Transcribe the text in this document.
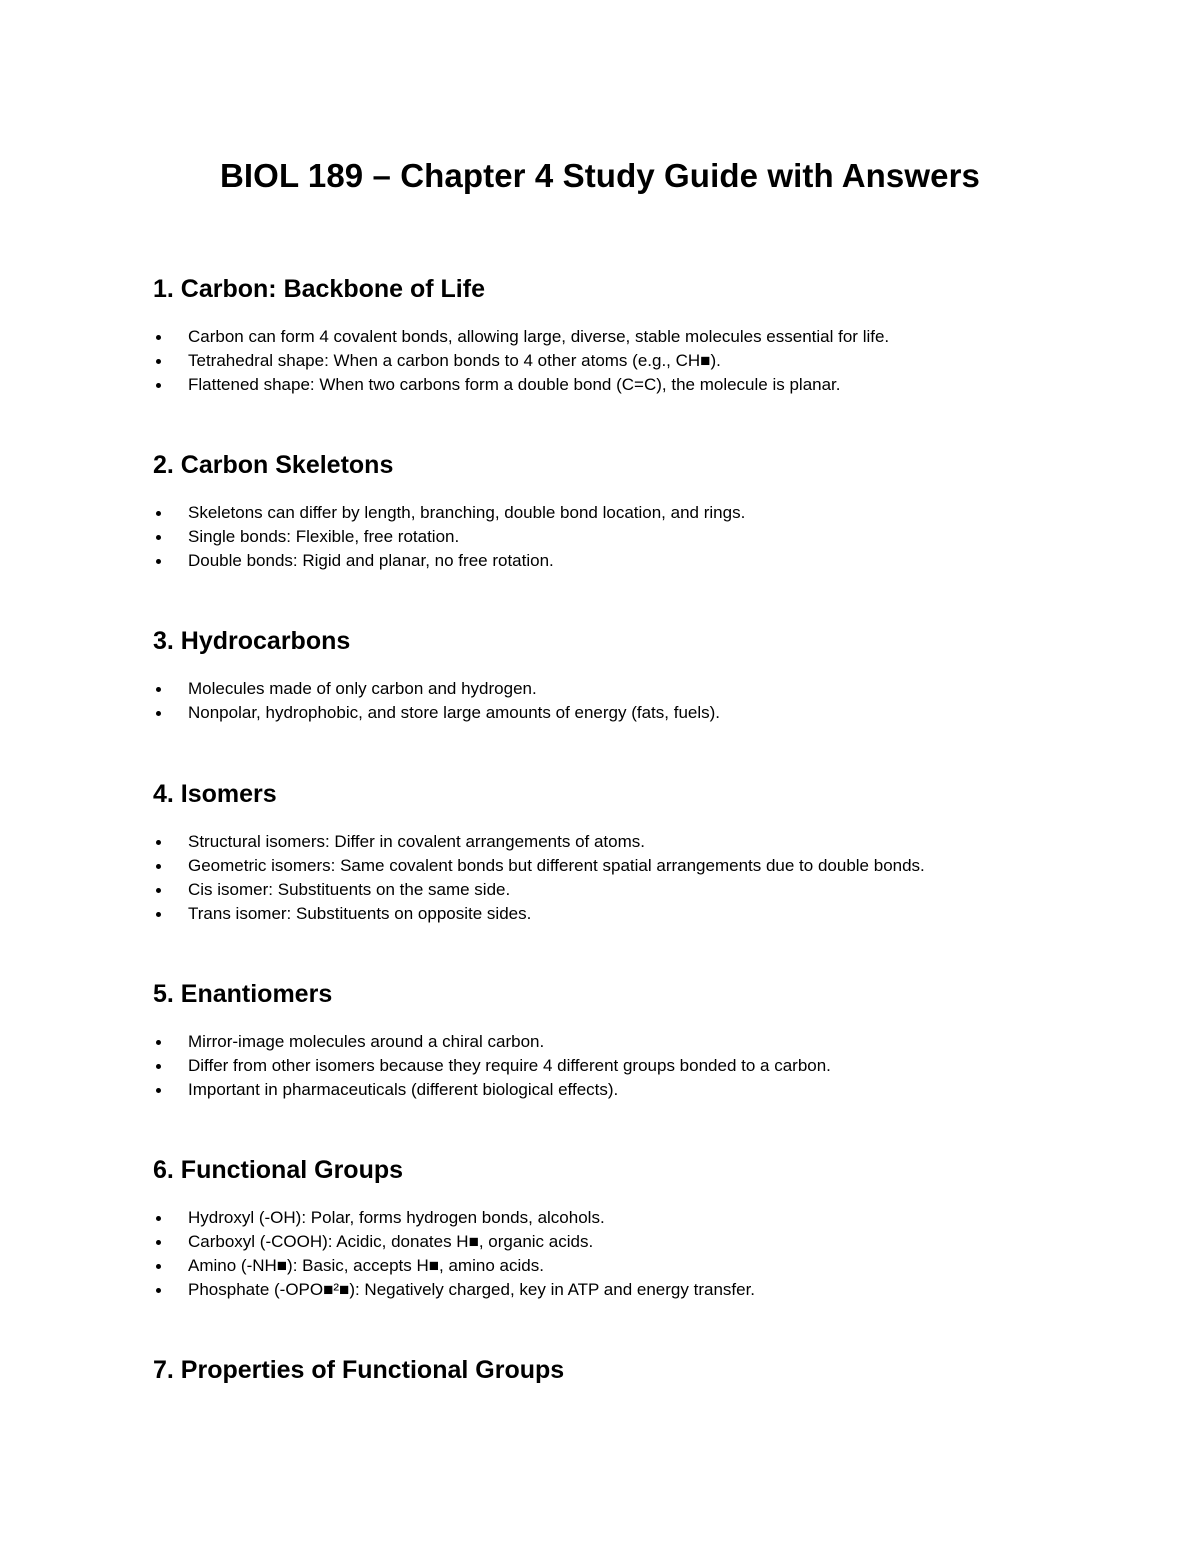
BIOL 189 – Chapter 4 Study Guide with Answers
1. Carbon: Backbone of Life
Carbon can form 4 covalent bonds, allowing large, diverse, stable molecules essential for life.
Tetrahedral shape: When a carbon bonds to 4 other atoms (e.g., CH■).
Flattened shape: When two carbons form a double bond (C=C), the molecule is planar.
2. Carbon Skeletons
Skeletons can differ by length, branching, double bond location, and rings.
Single bonds: Flexible, free rotation.
Double bonds: Rigid and planar, no free rotation.
3. Hydrocarbons
Molecules made of only carbon and hydrogen.
Nonpolar, hydrophobic, and store large amounts of energy (fats, fuels).
4. Isomers
Structural isomers: Differ in covalent arrangements of atoms.
Geometric isomers: Same covalent bonds but different spatial arrangements due to double bonds.
Cis isomer: Substituents on the same side.
Trans isomer: Substituents on opposite sides.
5. Enantiomers
Mirror-image molecules around a chiral carbon.
Differ from other isomers because they require 4 different groups bonded to a carbon.
Important in pharmaceuticals (different biological effects).
6. Functional Groups
Hydroxyl (-OH): Polar, forms hydrogen bonds, alcohols.
Carboxyl (-COOH): Acidic, donates H■, organic acids.
Amino (-NH■): Basic, accepts H■, amino acids.
Phosphate (-OPO■²■): Negatively charged, key in ATP and energy transfer.
7. Properties of Functional Groups
